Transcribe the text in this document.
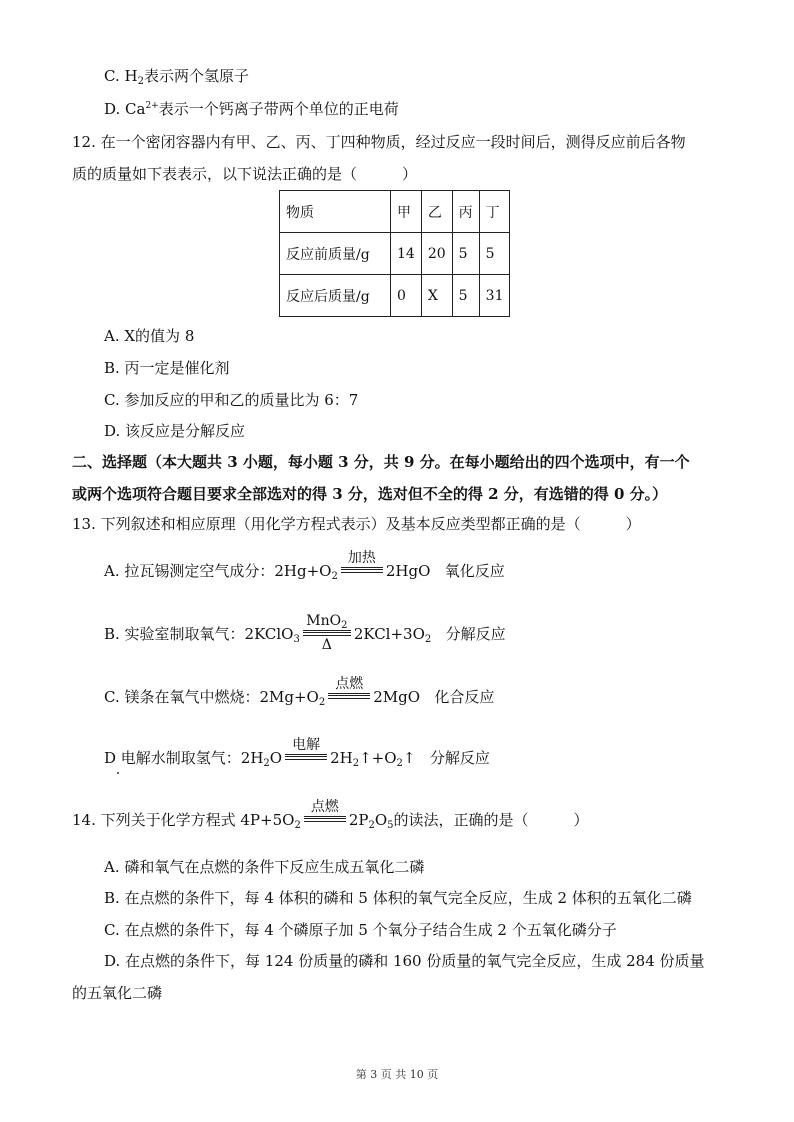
C. $H_2$表示两个氢原子
D. $Ca^{2+}$表示一个钙离子带两个单位的正电荷
12. 在一个密闭容器内有甲、乙、丙、丁四种物质，经过反应一段时间后，测得反应前后各物
质的质量如下表表示，以下说法正确的是（　　　）
物质	甲	乙	丙	丁
反应前质量/g	14	20	5	5
反应后质量/g	0	X	5	31
A. X的值为 8
B. 丙一定是催化剂
C. 参加反应的甲和乙的质量比为 6：7
D. 该反应是分解反应
二、选择题（本大题共 3 小题，每小题 3 分，共 9 分。在每小题给出的四个选项中，有一个
或两个选项符合题目要求全部选对的得 3 分，选对但不全的得 2 分，有选错的得 0 分。）
13. 下列叙述和相应原理（用化学方程式表示）及基本反应类型都正确的是（　　　）
A. 拉瓦锡测定空气成分：$2Hg+O_2$
加热
2HgO 氧化反应
B. 实验室制取氧气：2KClO$_3$
MnO$_2$
Δ
$2KCl+3O_2$ 分解反应
C. 镁条在氧气中燃烧：$2Mg+O_2$
点燃
2MgO 化合反应
D 电解水制取氢气：$2H_2O$
电解
$2H_2↑+O_2↑$ 分解反应
14. 下列关于化学方程式 $4P+5O_2$
点燃
$2P_2O_5$的读法，正确的是（　　　）
A. 磷和氧气在点燃的条件下反应生成五氧化二磷
B. 在点燃的条件下，每 4 体积的磷和 5 体积的氧气完全反应，生成 2 体积的五氧化二磷
C. 在点燃的条件下，每 4 个磷原子加 5 个氧分子结合生成 2 个五氧化磷分子
D. 在点燃的条件下，每 124 份质量的磷和 160 份质量的氧气完全反应，生成 284 份质量
的五氧化二磷
第 3 页 共 10 页
